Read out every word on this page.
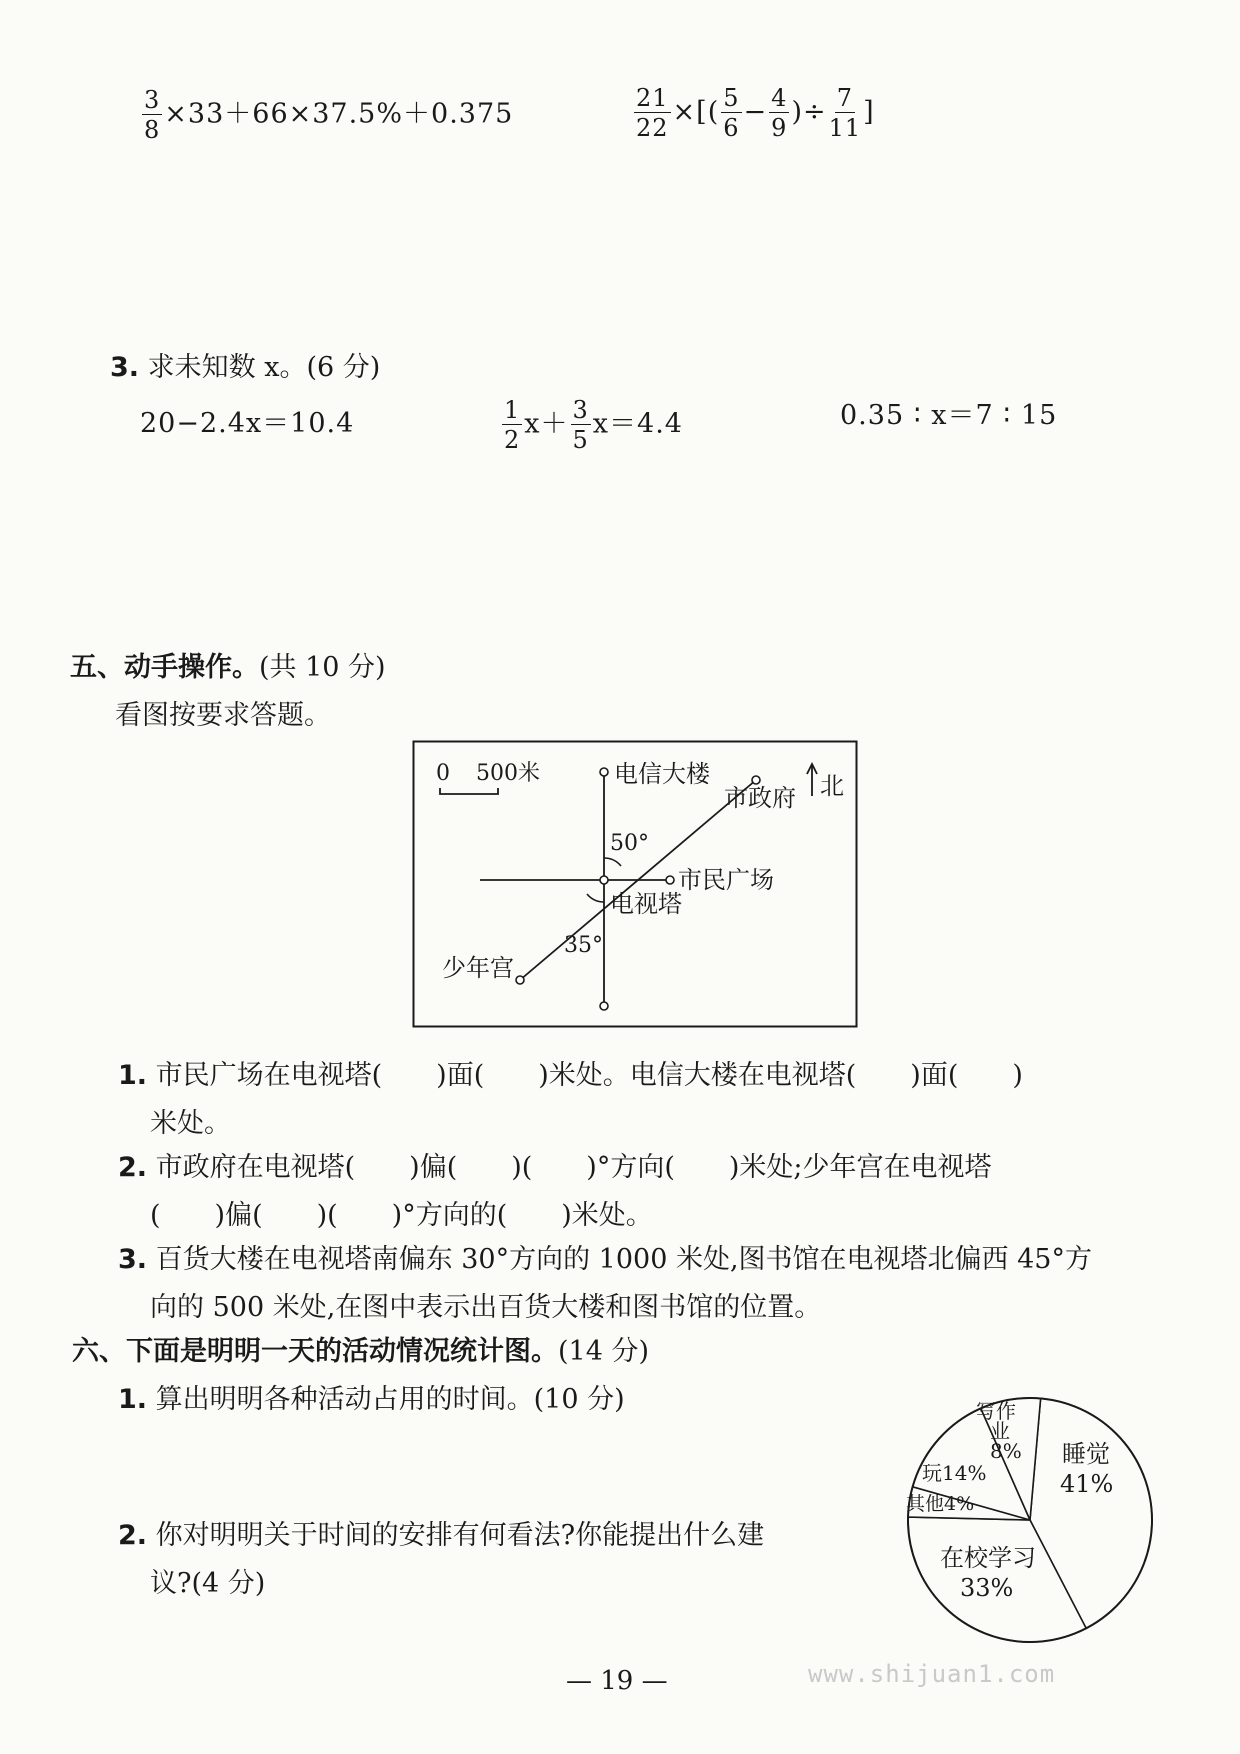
$\frac{3}{8} \times 33+66\times 37.5\%+0.375$	$\frac{21}{22}$ ×[( $\frac{5}{6} - \frac{4}{9}$ )÷ $\frac{7}{11}$ ]
3. 求未知数 x。(6 分)
20−2.4x＝10.4	$\frac{1}{2} x+ \frac{3}{5} x=4.4$	0.35 ∶ x＝7 ∶ 15
五、动手操作。(共 10 分)
看图按要求答题。
0 500米	北
电信大楼
市政府
50°
市民广场
电视塔
35°
少年宫
1. 市民广场在电视塔(　　)面(　　)米处。电信大楼在电视塔(　　)面(　　)
米处。
2. 市政府在电视塔(　　)偏(　　)(　　)°方向(　　)米处;少年宫在电视塔
(　　)偏(　　)(　　)°方向的(　　)米处。
3. 百货大楼在电视塔南偏东 30°方向的 1000 米处,图书馆在电视塔北偏西 45°方
向的 500 米处,在图中表示出百货大楼和图书馆的位置。
六、下面是明明一天的活动情况统计图。(14 分)
1. 算出明明各种活动占用的时间。(10 分)
2. 你对明明关于时间的安排有何看法?你能提出什么建
议?(4 分)
睡觉
41%
在校学习
33%
其他4%
玩14%
写作
业
8%
— 19 —	www.shijuan1.com
